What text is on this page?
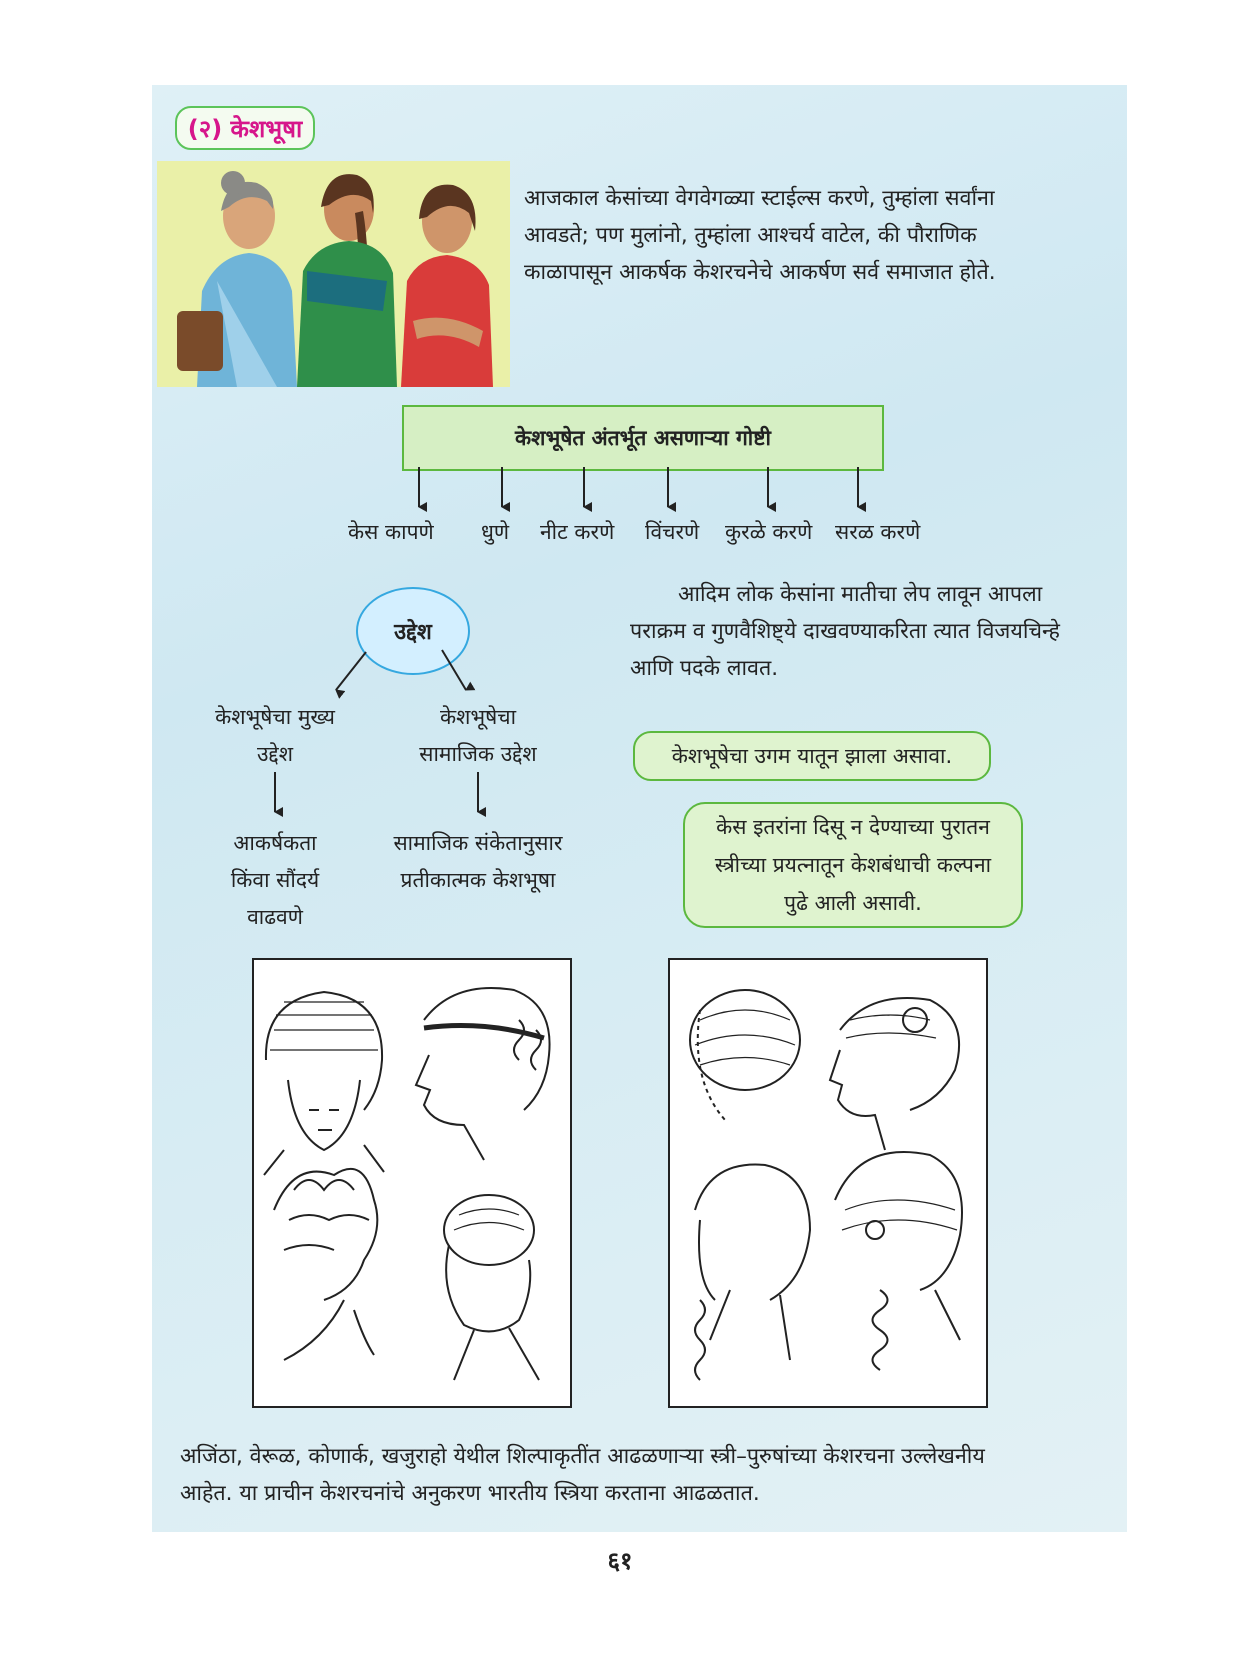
(२) केशभूषा
आजकाल केसांच्या वेगवेगळ्या स्टाईल्स करणे, तुम्हांला सर्वांना
आवडते; पण मुलांनो, तुम्हांला आश्चर्य वाटेल, की पौराणिक
काळापासून आकर्षक केशरचनेचे आकर्षण सर्व समाजात होते.
केशभूषेत अंतर्भूत असणाऱ्या गोष्टी
केस कापणे धुणे नीट करणे विंचरणे कुरळे करणे सरळ करणे
उद्देश
केशभूषेचा मुख्य
उद्देश
केशभूषेचा
सामाजिक उद्देश
आकर्षकता
किंवा सौंदर्य
वाढवणे
सामाजिक संकेतानुसार
प्रतीकात्मक केशभूषा
आदिम लोक केसांना मातीचा लेप लावून आपला
पराक्रम व गुणवैशिष्ट्ये दाखवण्याकरिता त्यात विजयचिन्हे
आणि पदके लावत.
केशभूषेचा उगम यातून झाला असावा.
केस इतरांना दिसू न देण्याच्या पुरातन
स्त्रीच्या प्रयत्नातून केशबंधाची कल्पना
पुढे आली असावी.
अजिंठा, वेरूळ, कोणार्क, खजुराहो येथील शिल्पाकृतींत आढळणाऱ्या स्त्री–पुरुषांच्या केशरचना उल्लेखनीय
आहेत. या प्राचीन केशरचनांचे अनुकरण भारतीय स्त्रिया करताना आढळतात.
६१
